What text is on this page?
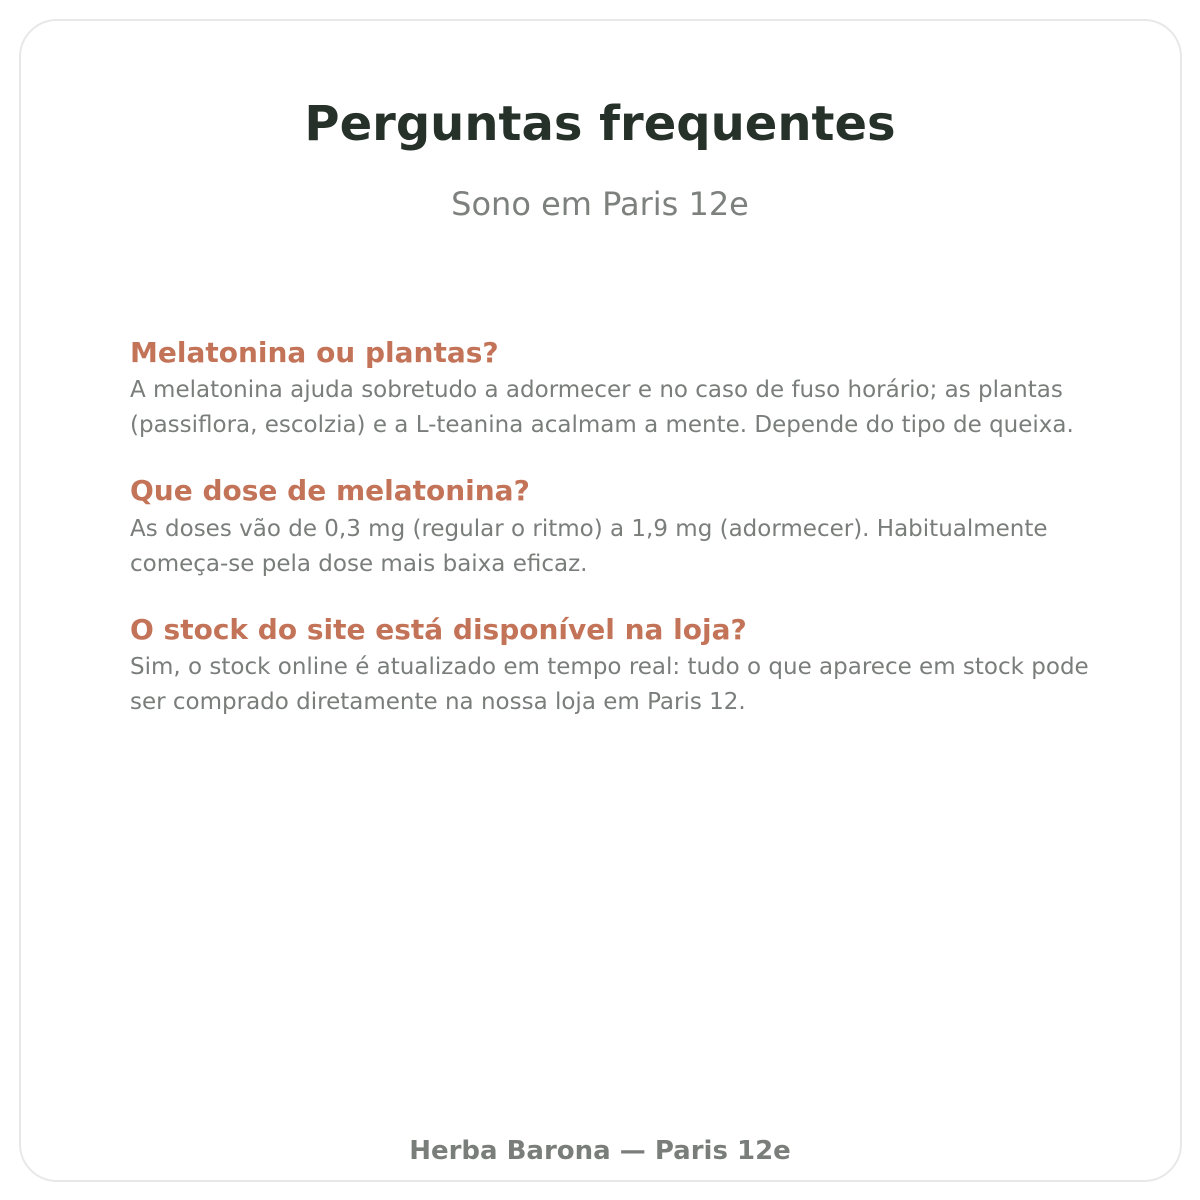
Perguntas frequentes
Sono em Paris 12e
Melatonina ou plantas?
A melatonina ajuda sobretudo a adormecer e no caso de fuso horário; as plantas (passiflora, escolzia) e a L-teanina acalmam a mente. Depende do tipo de queixa.
Que dose de melatonina?
As doses vão de 0,3 mg (regular o ritmo) a 1,9 mg (adormecer). Habitualmente começa-se pela dose mais baixa eficaz.
O stock do site está disponível na loja?
Sim, o stock online é atualizado em tempo real: tudo o que aparece em stock pode ser comprado diretamente na nossa loja em Paris 12.
Herba Barona — Paris 12e
